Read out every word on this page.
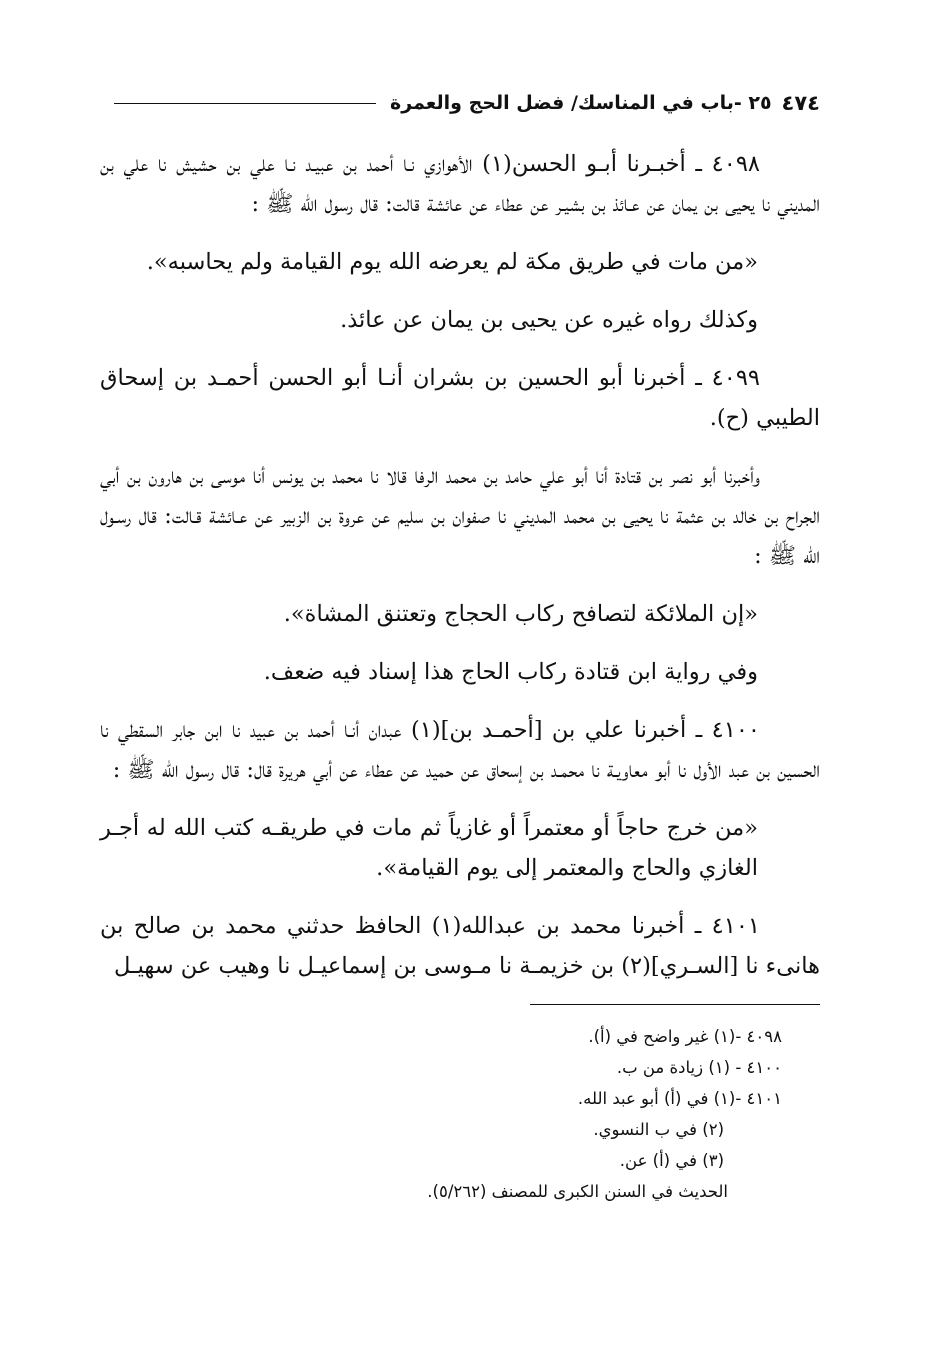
٤٧٤
٢٥ -باب في المناسك/ فضل الحج والعمرة

٤٠٩٨ ـ أخبـرنا أبـو الحسن(١) الأهوازي نـا أحمد بن عبيـد نـا علي بن حشيش نا علي بن المديني نا يحيى بن يمان عن عـائذ بن بشيـر عن عطاء عن عائشة قالت: قال رسول الله ﷺ :

«من مات في طريق مكة لم يعرضه الله يوم القيامة ولم يحاسبه».

وكذلك رواه غيره عن يحيى بن يمان عن عائذ.

٤٠٩٩ ـ أخبرنا أبو الحسين بن بشران أنـا أبو الحسن أحمـد بن إسحاق الطيبي (ح).

وأخبرنا أبو نصر بن قتادة أنا أبو علي حامد بن محمد الرفا قالا نا محمد بن يونس أنا موسى بن هارون بن أبي الجراح بن خالد بن عثمة نا يحيى بن محمد المديني نا صفوان بن سليم عن عروة بن الزبير عن عـائشة قـالت: قال رسـول الله ﷺ :

«إن الملائكة لتصافح ركاب الحجاج وتعتنق المشاة».

وفي رواية ابن قتادة ركاب الحاج هذا إسناد فيه ضعف.

٤١٠٠ ـ أخبرنا علي بن [أحمـد بن](١) عبدان أنـا أحمد بن عبيد نا ابن جابر السقطي نا الحسين بن عبد الأول نا أبو معاويـة نا محمـد بن إسحاق عن حميد عن عطاء عن أبي هريرة قال: قال رسول الله ﷺ :

«من خرج حاجاً أو معتمراً أو غازياً ثم مات في طريقـه كتب الله له أجـر الغازي والحاج والمعتمر إلى يوم القيامة».

٤١٠١ ـ أخبرنا محمد بن عبدالله(١) الحافظ حدثني محمد بن صالح بن هانىء نا [السـري](٢) بن خزيمـة نا مـوسى بن إسماعيـل نا وهيب عن سهيـل

٤٠٩٨ -(١) غير واضح في (أ).
٤١٠٠ - (١) زيادة من ب.
٤١٠١ -(١) في (أ) أبو عبد الله.
(٢) في ب النسوي.
(٣) في (أ) عن.
الحديث في السنن الكبرى للمصنف (٥/٢٦٢).
